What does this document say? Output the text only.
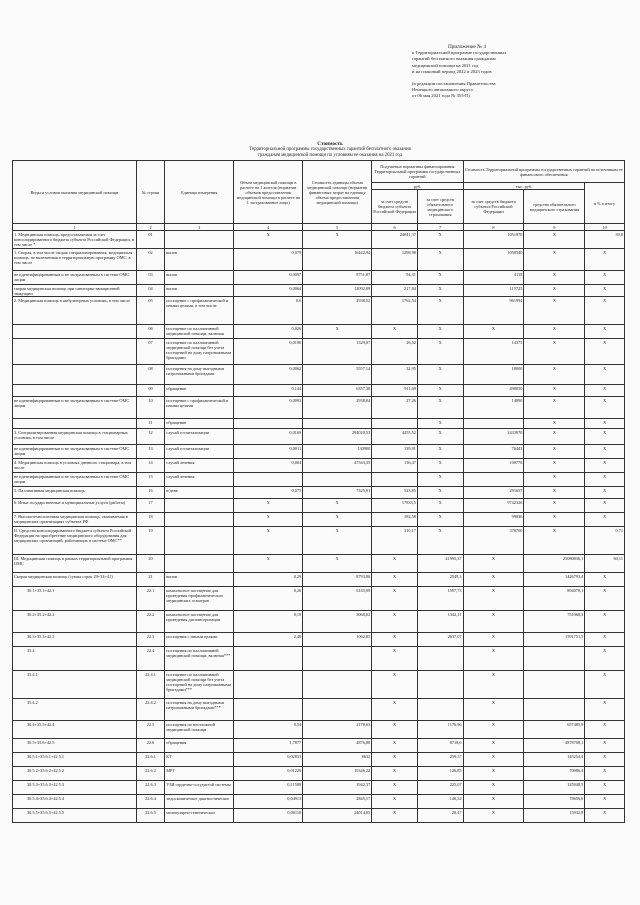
Приложение № 4
к Территориальной программе государственных
гарантий бесплатного оказания гражданам
медицинской помощи на 2021 год
и на плановый период 2022 и 2023 годов
(в редакции постановления Правительства
Ненецкого автономного округа
от 06 мая 2021 года № 355-П)
Стоимость
Территориальной программы государственных гарантий бесплатного оказания
гражданам медицинской помощи по условиям ее оказания на 2021 год
Виды и условия оказания медицинской помощи	№ строки	Единица измерения	Объем медицинской помощи в расчете на 1 жителя (норматив объемов предоставления медицинской помощи в расчете на 1 застрахованное лицо)	Стоимость единицы объема медицинской помощи (норматив финансовых затрат на единицу объема предоставления медицинской помощи)	Подушевые нормативы финансирования Территориальной программы государственных гарантий		Стоимость Территориальной программы государственных гарантий по источникам ее финансового обеспечения		
					руб.		тыс. руб.		в % к итогу
					за счет средств бюджета субъекта Российской Федерации	за счет средств обязательного медицинского страхования	за счет средств бюджета субъекта Российской Федерации	средства обязательного медицинского страхования	
1	2	3	4	5	6	7	8	9	10
1. Медицинская помощь, предоставляемая за счет консолидированного бюджета субъекта Российской Федерации, в том числе *	01		Х	Х	24041,37	Х	1051870	Х	39,8
1. Скорая, в том числе скорая специализированная, медицинская помощь, не включенная в территориальную программу ОМС, в том числе	02	вызов	0,079	16442,94	1298,98	Х	1058540	Х	Х
не идентифицированным и не застрахованным в системе ОМС лицам	03	вызов	0,0097	9751,87	94,31	Х	4118	Х	Х
скорая медицинская помощь при санитарно-авиационной эвакуации	04	вызов	0,0064	12092,09	217,84	Х	115725	Х	Х
2. Медицинская помощь в амбулаторных условиях, в том числе	05	посещение с профилактической и иными целями, в том числе	0,6	2938,52	1762,54	Х	961994	Х	Х
	06	посещение по паллиативной медицинской помощи, включая	0,026	Х	Х	Х	Х	Х	Х
	07	посещение по паллиативной медицинской помощи без учета посещений на дому патронажными бригадами	0,0196	1329,07	26,52	Х	14375	Х	Х
	08	посещения на дому выездными патронажными бригадами	0,0062	5557,14	32,95	Х	18000	Х	Х
	09	обращение	0,144	6357,38	911,69	Х	498050	Х	Х
не идентифицированным и не застрахованным в системе ОМС лицам	10	посещение с профилактической и иными целями	0,0093	2938,04	27,26	Х	14890	Х	Х
	11	обращение				Х		Х	Х
3. Специализированная медицинская помощь в стационарных условиях, в том числе	12	случай госпитализации	0,0169	294020,53	4455,52	Х	2433970	Х	Х
не идентифицированным и не застрахованным в системе ОМС лицам	13	случай госпитализации	0,0011	130900	139,91	Х	76443	Х	Х
4. Медицинская помощь в условиях дневного стационара, в том числе	14	случай лечения	0,004	47543,35	136,47	Х	100776	Х	Х
не идентифицированным и не застрахованным в системе ОМС лицам	15	случай лечения				Х		Х	Х
5. Паллиативная медицинская помощь	16	к/день	0,075	7325,01	523,85	Х	291657	Х	Х
6. Иные государственные и муниципальные услуги (работы)	17		Х	Х	17833,5	Х	9742326	Х	Х
7. Высокотехнологичная медицинская помощь, оказываемая в медицинских организациях субъекта РФ	18		Х	Х	182,58	Х	99036	Х	Х
II. Средства консолидированного бюджета субъекта Российской Федерации на приобретение медицинского оборудования для медицинских организаций, работающих в системе ОМС**	19		Х	Х	310,17	Х	378700	Х	0,71
III. Медицинская помощь в рамках территориальной программы ОМС	20		Х	Х	Х	41995,37	Х	25080836,1	60,11
Скорая медицинская помощь (сумма строк 29+34+41)	21	вызов	0,29	8793,86	Х	2549,3	Х	1426793,4	Х
30.1+35.1+42.1	22.1	комплексное посещение для проведения профилактических медицинских осмотров	0,26	6145,09	Х	1597,73	Х	894078,1	Х
30.2+35.2+42.2	22.2	комплексное посещение для проведения диспансеризации	0,19	3068,02	Х	1342,11	Х	751068,3	Х
30.3+35.3+42.3	22.3	посещения с иными целями	2,48	1062,85	Х	2637,07	Х	1591751,5	Х
35.4	22.4	посещения по паллиативной медицинской помощи, включая***			Х		Х		Х
35.4.1	22.4.1	посещение по паллиативной медицинской помощи без учета посещений на дому патронажными бригадами***			Х		Х		Х
35.4.2	22.4.2	посещения на дому выездными патронажными бригадами***			Х		Х		Х
30.4+35.5+42.4	22.5	посещения по неотложной медицинской помощи	0,54	2178,63	Х	1176,96	Х	657485,9	Х
30.5+35.6+42.5	22.6	обращения	1,7877	4876,88	Х	8718,6	Х	4878708,1	Х
30.5.1+35.6.1+42.5.1	22.6.1	КТ	0,02833	8632	Х	259,57	Х	145254,4	Х
30.5.2+35.6.2+42.5.2	22.6.2	МРТ	0,01226	10346,22	Х	126,85	Х	70986,4	Х
30.5.3+35.6.3+42.5.3	22.6.3	УЗИ сердечно-сосудистой системы	0,11588	1942,37	Х	225,07	Х	125948,5	Х
30.5.4+35.6.4+42.5.4	22.6.4	эндоскопическое диагностическое	0,04913	2845,17	Х	140,52	Х	78656,6	Х
30.5.5+35.6.5+42.5.5	22.6.5	молекулярно-генетическое	0,00118	24014,05	Х	28,47	Х	15932,8	Х
